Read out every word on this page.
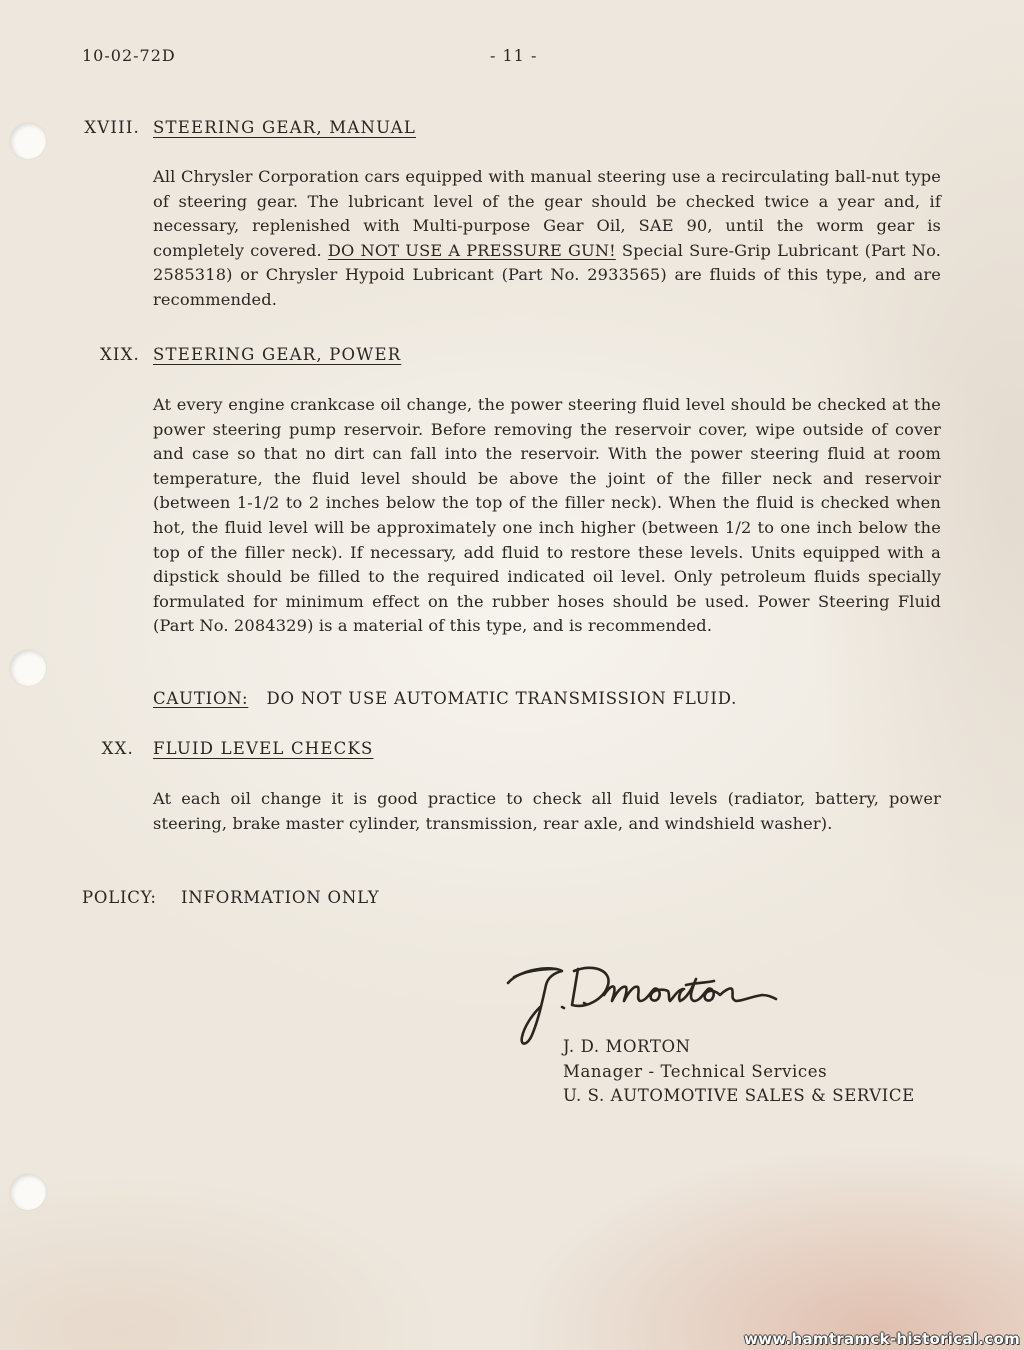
10-02-72D	- 11 -
XVIII. STEERING GEAR, MANUAL

All Chrysler Corporation cars equipped with manual steering use a recirculating ball-nut type of steering gear. The lubricant level of the gear should be checked twice a year and, if necessary, replenished with Multi-purpose Gear Oil, SAE 90, until the worm gear is completely covered. DO NOT USE A PRESSURE GUN! Special Sure-Grip Lubricant (Part No. 2585318) or Chrysler Hypoid Lubricant (Part No. 2933565) are fluids of this type, and are recommended.

XIX. STEERING GEAR, POWER

At every engine crankcase oil change, the power steering fluid level should be checked at the power steering pump reservoir. Before removing the reservoir cover, wipe outside of cover and case so that no dirt can fall into the reservoir. With the power steering fluid at room temperature, the fluid level should be above the joint of the filler neck and reservoir (between 1-1/2 to 2 inches below the top of the filler neck). When the fluid is checked when hot, the fluid level will be approximately one inch higher (between 1/2 to one inch below the top of the filler neck). If necessary, add fluid to restore these levels. Units equipped with a dipstick should be filled to the required indicated oil level. Only petroleum fluids specially formulated for minimum effect on the rubber hoses should be used. Power Steering Fluid (Part No. 2084329) is a material of this type, and is recommended.

CAUTION: DO NOT USE AUTOMATIC TRANSMISSION FLUID.
XX. FLUID LEVEL CHECKS

At each oil change it is good practice to check all fluid levels (radiator, battery, power steering, brake master cylinder, transmission, rear axle, and windshield washer).

POLICY: INFORMATION ONLY
J. D. MORTON
Manager - Technical Services
U. S. AUTOMOTIVE SALES & SERVICE
www.hamtramck-historical.com
